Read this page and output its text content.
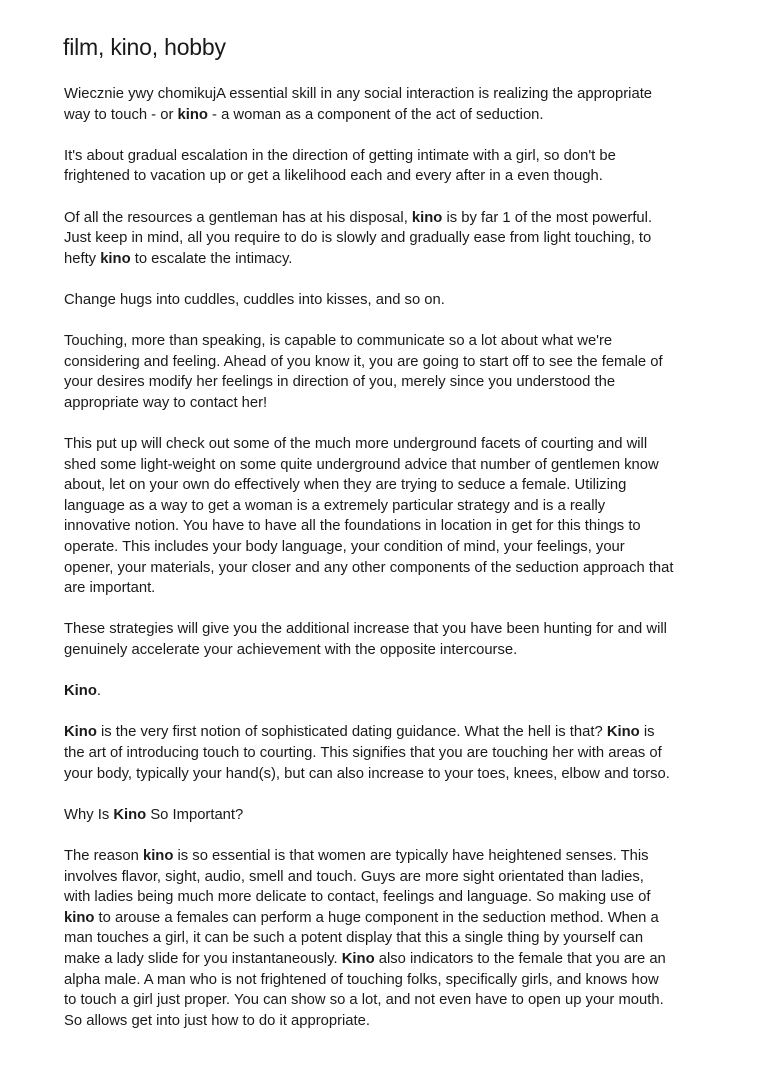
film, kino, hobby
Wiecznie ywy chomikujA essential skill in any social interaction is realizing the appropriate
way to touch - or kino - a woman as a component of the act of seduction.
It's about gradual escalation in the direction of getting intimate with a girl, so don't be
frightened to vacation up or get a likelihood each and every after in a even though.
Of all the resources a gentleman has at his disposal, kino is by far 1 of the most powerful.
Just keep in mind, all you require to do is slowly and gradually ease from light touching, to
hefty kino to escalate the intimacy.
Change hugs into cuddles, cuddles into kisses, and so on.
Touching, more than speaking, is capable to communicate so a lot about what we're
considering and feeling. Ahead of you know it, you are going to start off to see the female of
your desires modify her feelings in direction of you, merely since you understood the
appropriate way to contact her!
This put up will check out some of the much more underground facets of courting and will
shed some light-weight on some quite underground advice that number of gentlemen know
about, let on your own do effectively when they are trying to seduce a female. Utilizing
language as a way to get a woman is a extremely particular strategy and is a really
innovative notion. You have to have all the foundations in location in get for this things to
operate. This includes your body language, your condition of mind, your feelings, your
opener, your materials, your closer and any other components of the seduction approach that
are important.
These strategies will give you the additional increase that you have been hunting for and will
genuinely accelerate your achievement with the opposite intercourse.
Kino.
Kino is the very first notion of sophisticated dating guidance. What the hell is that? Kino is
the art of introducing touch to courting. This signifies that you are touching her with areas of
your body, typically your hand(s), but can also increase to your toes, knees, elbow and torso.
Why Is Kino So Important?
The reason kino is so essential is that women are typically have heightened senses. This
involves flavor, sight, audio, smell and touch. Guys are more sight orientated than ladies,
with ladies being much more delicate to contact, feelings and language. So making use of
kino to arouse a females can perform a huge component in the seduction method. When a
man touches a girl, it can be such a potent display that this a single thing by yourself can
make a lady slide for you instantaneously. Kino also indicators to the female that you are an
alpha male. A man who is not frightened of touching folks, specifically girls, and knows how
to touch a girl just proper. You can show so a lot, and not even have to open up your mouth.
So allows get into just how to do it appropriate.
